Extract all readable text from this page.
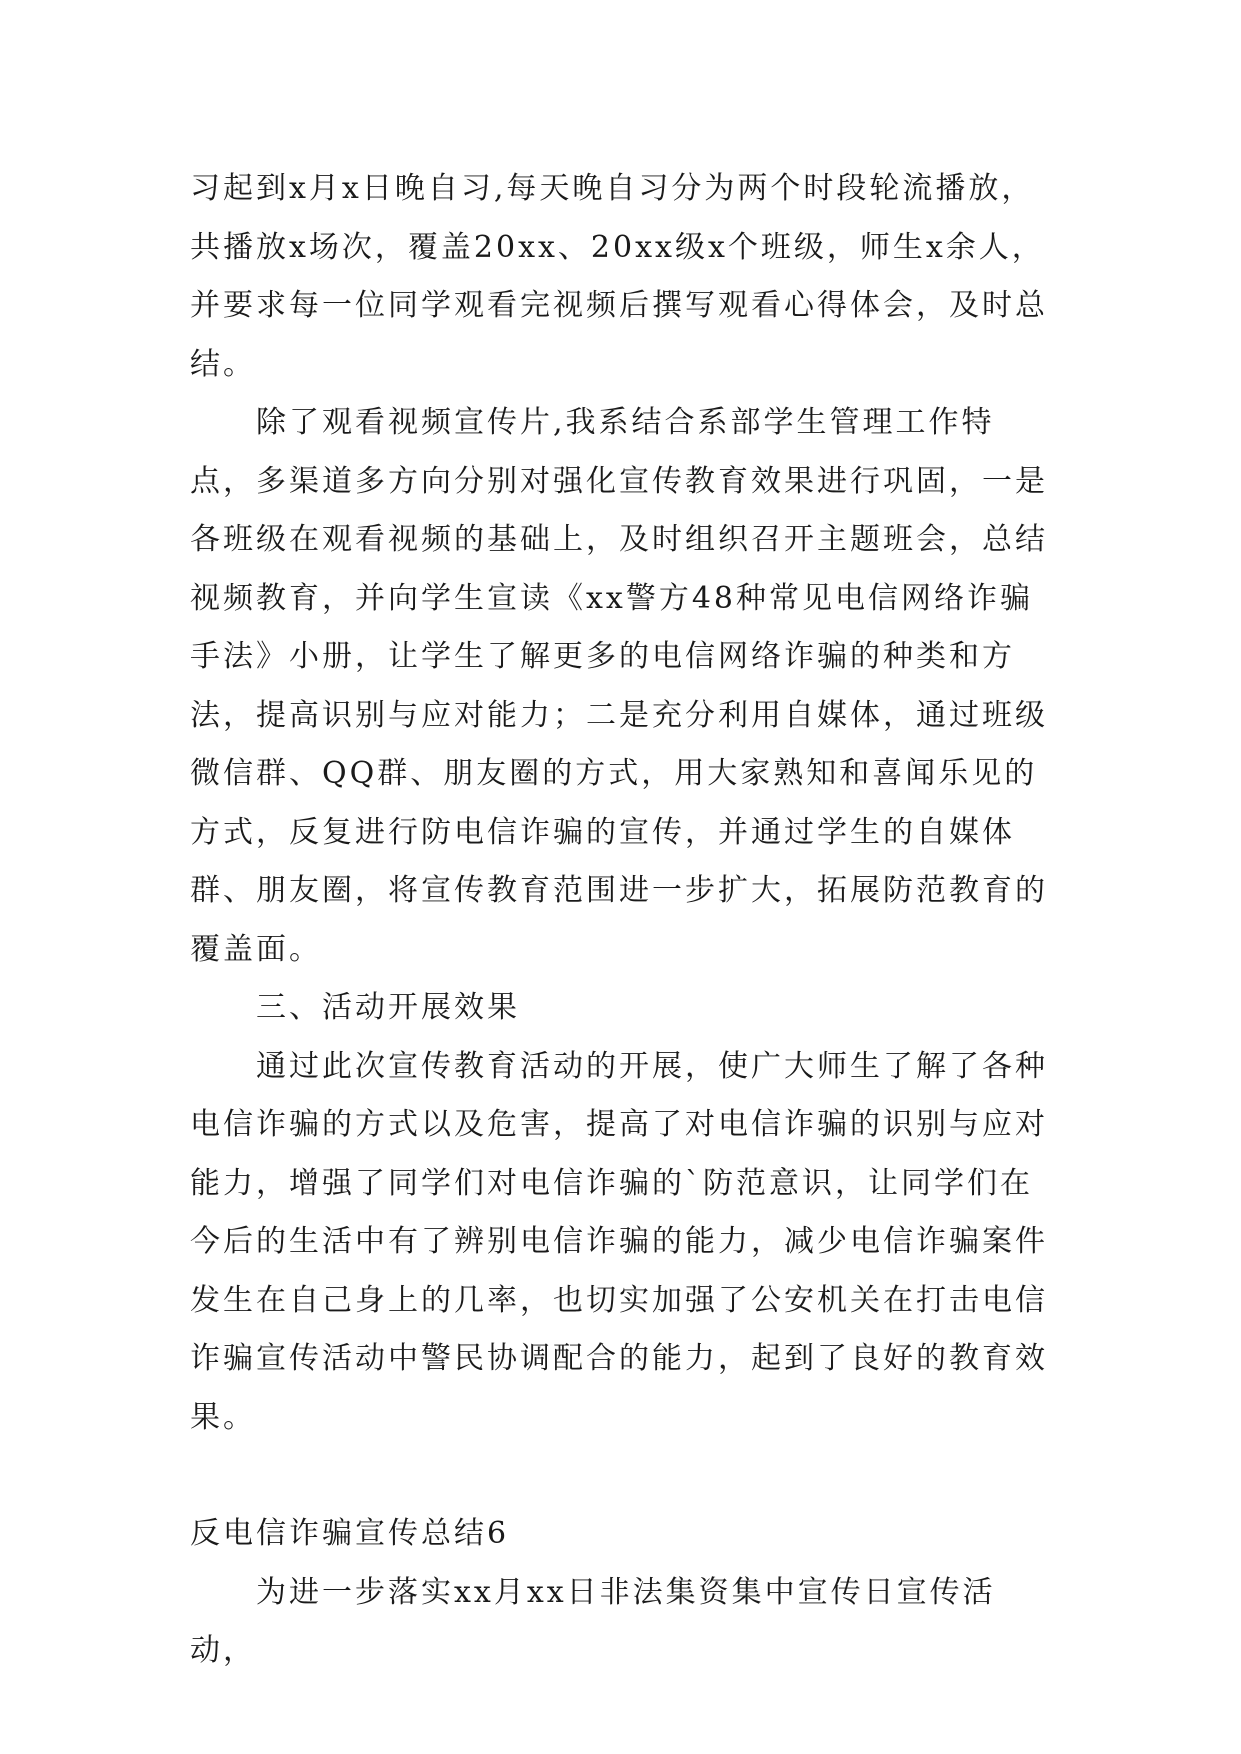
习起到x月x日晚自习,每天晚自习分为两个时段轮流播放，共播放x场次，覆盖20xx、20xx级x个班级，师生x余人，并要求每一位同学观看完视频后撰写观看心得体会，及时总结。

除了观看视频宣传片,我系结合系部学生管理工作特点，多渠道多方向分别对强化宣传教育效果进行巩固，一是各班级在观看视频的基础上，及时组织召开主题班会，总结视频教育，并向学生宣读《xx警方48种常见电信网络诈骗手法》小册，让学生了解更多的电信网络诈骗的种类和方法，提高识别与应对能力；二是充分利用自媒体，通过班级微信群、QQ群、朋友圈的方式，用大家熟知和喜闻乐见的方式，反复进行防电信诈骗的宣传，并通过学生的自媒体群、朋友圈，将宣传教育范围进一步扩大，拓展防范教育的覆盖面。

三、活动开展效果

通过此次宣传教育活动的开展，使广大师生了解了各种电信诈骗的方式以及危害，提高了对电信诈骗的识别与应对能力，增强了同学们对电信诈骗的`防范意识，让同学们在今后的生活中有了辨别电信诈骗的能力，减少电信诈骗案件发生在自己身上的几率，也切实加强了公安机关在打击电信诈骗宣传活动中警民协调配合的能力，起到了良好的教育效果。

反电信诈骗宣传总结6

为进一步落实xx月xx日非法集资集中宣传日宣传活动，
